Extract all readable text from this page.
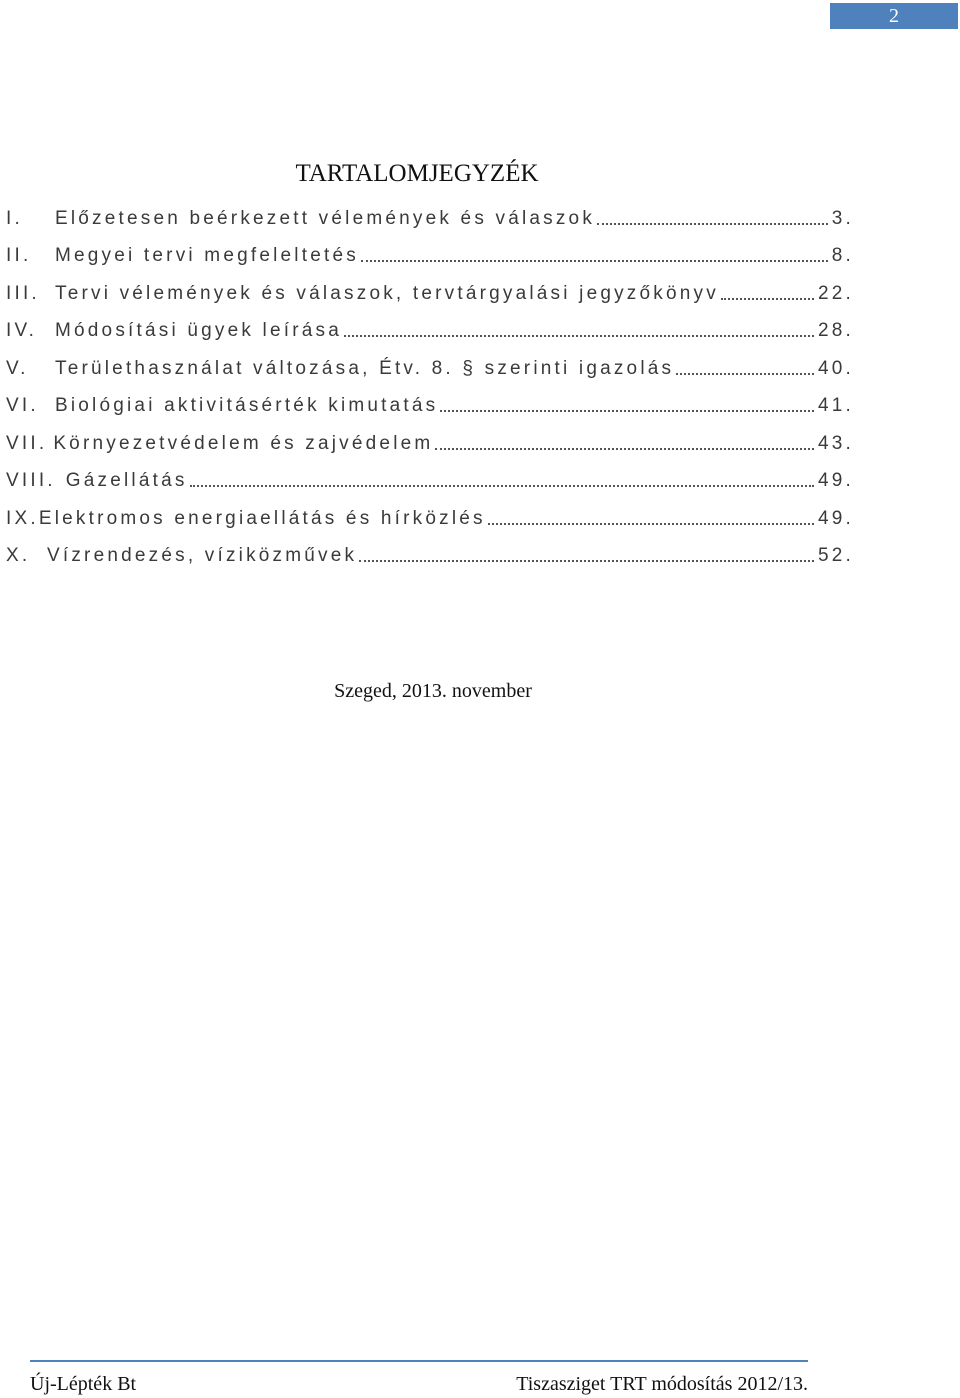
2
TARTALOMJEGYZÉK
I.	Előzetesen beérkezett vélemények és válaszok	3.
II.	Megyei tervi megfeleltetés	8.
III. Tervi vélemények és válaszok, tervtárgyalási jegyzőkönyv	22.
IV. Módosítási ügyek leírása	28.
V.	Területhasználat változása, Étv. 8. § szerinti igazolás	40.
VI. Biológiai aktivitásérték kimutatás	41.
VII. Környezetvédelem és zajvédelem	43.
VIII. Gázellátás	49.
IX. Elektromos energiaellátás és hírközlés	49.
X. Vízrendezés, víziközművek	52.
Szeged, 2013. november
Új-Lépték Bt	Tiszasziget TRT módosítás 2012/13.
